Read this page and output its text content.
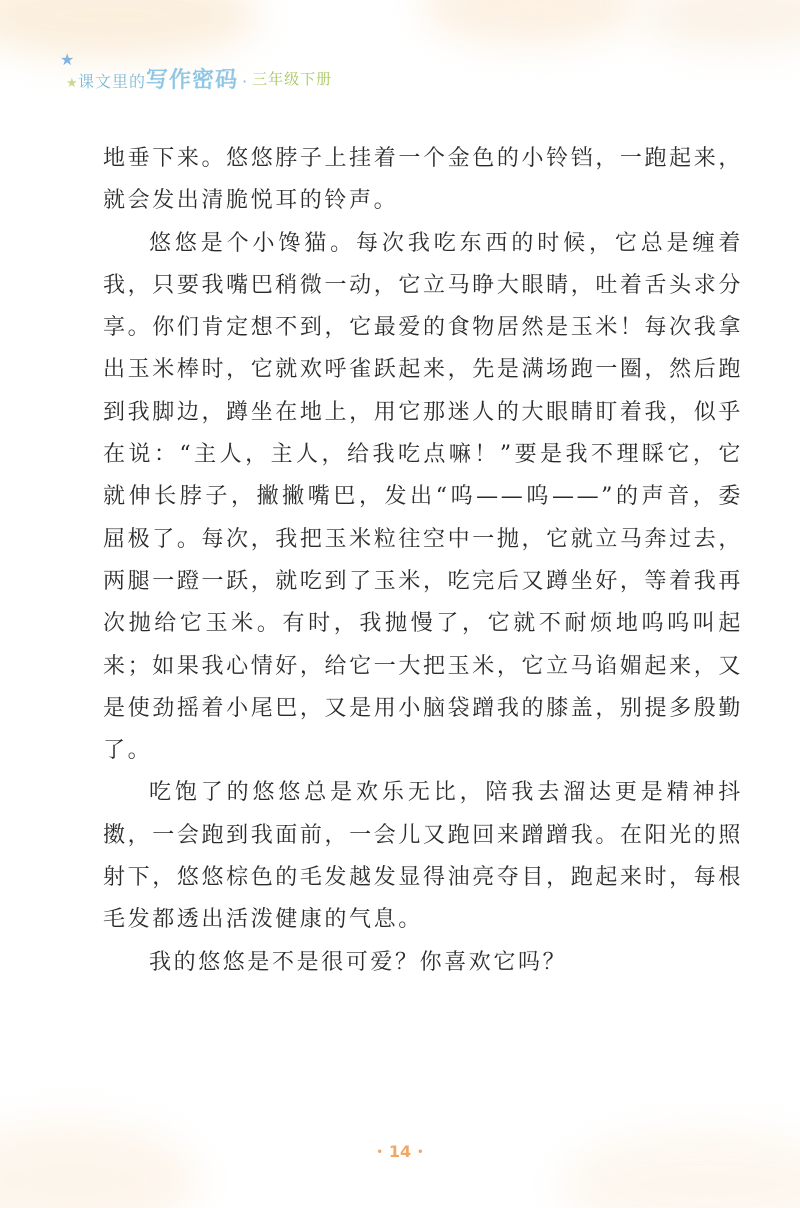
★
课文里的写作密码 · 三年级下册
★

地垂下来。悠悠脖子上挂着一个金色的小铃铛，一跑起来，就会发出清脆悦耳的铃声。

悠悠是个小馋猫。每次我吃东西的时候，它总是缠着我，只要我嘴巴稍微一动，它立马睁大眼睛，吐着舌头求分享。你们肯定想不到，它最爱的食物居然是玉米！每次我拿出玉米棒时，它就欢呼雀跃起来，先是满场跑一圈，然后跑到我脚边，蹲坐在地上，用它那迷人的大眼睛盯着我，似乎在说：“主人，主人，给我吃点嘛！”要是我不理睬它，它就伸长脖子，撇撇嘴巴，发出“呜——呜——”的声音，委屈极了。每次，我把玉米粒往空中一抛，它就立马奔过去，两腿一蹬一跃，就吃到了玉米，吃完后又蹲坐好，等着我再次抛给它玉米。有时，我抛慢了，它就不耐烦地呜呜叫起来；如果我心情好，给它一大把玉米，它立马谄媚起来，又是使劲摇着小尾巴，又是用小脑袋蹭我的膝盖，别提多殷勤了。

吃饱了的悠悠总是欢乐无比，陪我去溜达更是精神抖擞，一会跑到我面前，一会儿又跑回来蹭蹭我。在阳光的照射下，悠悠棕色的毛发越发显得油亮夺目，跑起来时，每根毛发都透出活泼健康的气息。

我的悠悠是不是很可爱？你喜欢它吗？

• 14 •
